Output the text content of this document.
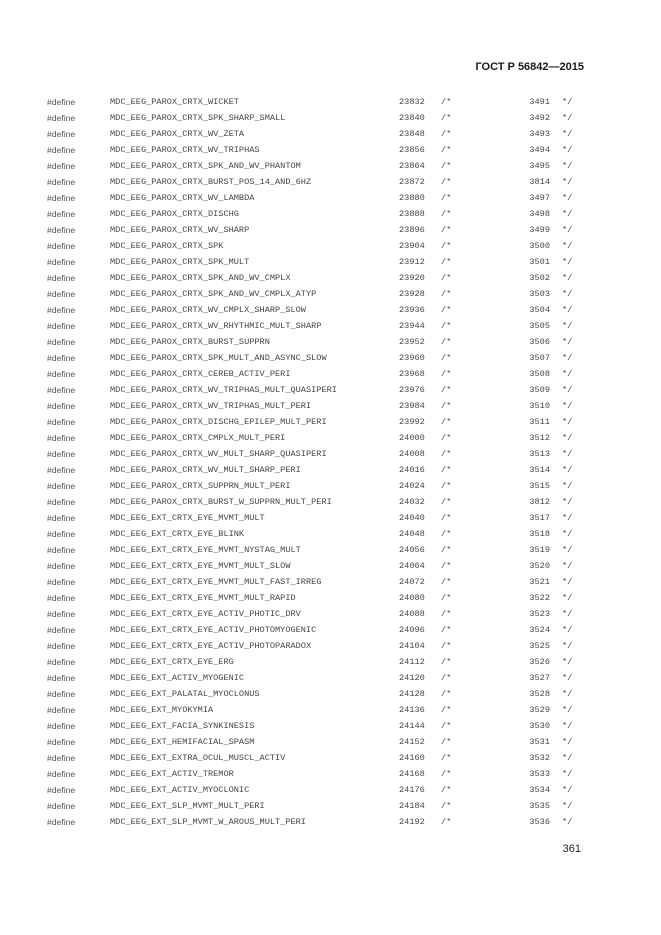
ГОСТ Р 56842—2015
#define	MDC_EEG_PAROX_CRTX_WICKET	23832 /*	3491 */
#define	MDC_EEG_PAROX_CRTX_SPK_SHARP_SMALL	23840 /*	3492 */
#define	MDC_EEG_PAROX_CRTX_WV_ZETA	23848 /*	3493 */
#define	MDC_EEG_PAROX_CRTX_WV_TRIPHAS	23856 /*	3494 */
#define	MDC_EEG_PAROX_CRTX_SPK_AND_WV_PHANTOM	23864 /*	3495 */
#define	MDC_EEG_PAROX_CRTX_BURST_POS_14_AND_6HZ	23872 /*	3814 */
#define	MDC_EEG_PAROX_CRTX_WV_LAMBDA	23880 /*	3497 */
#define	MDC_EEG_PAROX_CRTX_DISCHG	23888 /*	3498 */
#define	MDC_EEG_PAROX_CRTX_WV_SHARP	23896 /*	3499 */
#define	MDC_EEG_PAROX_CRTX_SPK	23904 /*	3500 */
#define	MDC_EEG_PAROX_CRTX_SPK_MULT	23912 /*	3501 */
#define	MDC_EEG_PAROX_CRTX_SPK_AND_WV_CMPLX	23920 /*	3502 */
#define	MDC_EEG_PAROX_CRTX_SPK_AND_WV_CMPLX_ATYP	23928 /*	3503 */
#define	MDC_EEG_PAROX_CRTX_WV_CMPLX_SHARP_SLOW	23936 /*	3504 */
#define	MDC_EEG_PAROX_CRTX_WV_RHYTHMIC_MULT_SHARP	23944 /*	3505 */
#define	MDC_EEG_PAROX_CRTX_BURST_SUPPRN	23952 /*	3506 */
#define	MDC_EEG_PAROX_CRTX_SPK_MULT_AND_ASYNC_SLOW	23960 /*	3507 */
#define	MDC_EEG_PAROX_CRTX_CEREB_ACTIV_PERI	23968 /*	3508 */
#define	MDC_EEG_PAROX_CRTX_WV_TRIPHAS_MULT_QUASIPERI	23976 /*	3509 */
#define	MDC_EEG_PAROX_CRTX_WV_TRIPHAS_MULT_PERI	23984 /*	3510 */
#define	MDC_EEG_PAROX_CRTX_DISCHG_EPILEP_MULT_PERI	23992 /*	3511 */
#define	MDC_EEG_PAROX_CRTX_CMPLX_MULT_PERI	24000 /*	3512 */
#define	MDC_EEG_PAROX_CRTX_WV_MULT_SHARP_QUASIPERI	24008 /*	3513 */
#define	MDC_EEG_PAROX_CRTX_WV_MULT_SHARP_PERI	24016 /*	3514 */
#define	MDC_EEG_PAROX_CRTX_SUPPRN_MULT_PERI	24024 /*	3515 */
#define	MDC_EEG_PAROX_CRTX_BURST_W_SUPPRN_MULT_PERI	24032 /*	3812 */
#define	MDC_EEG_EXT_CRTX_EYE_MVMT_MULT	24040 /*	3517 */
#define	MDC_EEG_EXT_CRTX_EYE_BLINK	24048 /*	3518 */
#define	MDC_EEG_EXT_CRTX_EYE_MVMT_NYSTAG_MULT	24056 /*	3519 */
#define	MDC_EEG_EXT_CRTX_EYE_MVMT_MULT_SLOW	24064 /*	3520 */
#define	MDC_EEG_EXT_CRTX_EYE_MVMT_MULT_FAST_IRREG	24072 /*	3521 */
#define	MDC_EEG_EXT_CRTX_EYE_MVMT_MULT_RAPID	24080 /*	3522 */
#define	MDC_EEG_EXT_CRTX_EYE_ACTIV_PHOTIC_DRV	24088 /*	3523 */
#define	MDC_EEG_EXT_CRTX_EYE_ACTIV_PHOTOMYOGENIC	24096 /*	3524 */
#define	MDC_EEG_EXT_CRTX_EYE_ACTIV_PHOTOPARADOX	24104 /*	3525 */
#define	MDC_EEG_EXT_CRTX_EYE_ERG	24112 /*	3526 */
#define	MDC_EEG_EXT_ACTIV_MYOGENIC	24120 /*	3527 */
#define	MDC_EEG_EXT_PALATAL_MYOCLONUS	24128 /*	3528 */
#define	MDC_EEG_EXT_MYOKYMIA	24136 /*	3529 */
#define	MDC_EEG_EXT_FACIA_SYNKINESIS	24144 /*	3530 */
#define	MDC_EEG_EXT_HEMIFACIAL_SPASM	24152 /*	3531 */
#define	MDC_EEG_EXT_EXTRA_OCUL_MUSCL_ACTIV	24160 /*	3532 */
#define	MDC_EEG_EXT_ACTIV_TREMOR	24168 /*	3533 */
#define	MDC_EEG_EXT_ACTIV_MYOCLONIC	24176 /*	3534 */
#define	MDC_EEG_EXT_SLP_MVMT_MULT_PERI	24184 /*	3535 */
#define	MDC_EEG_EXT_SLP_MVMT_W_AROUS_MULT_PERI	24192 /*	3536 */
361
